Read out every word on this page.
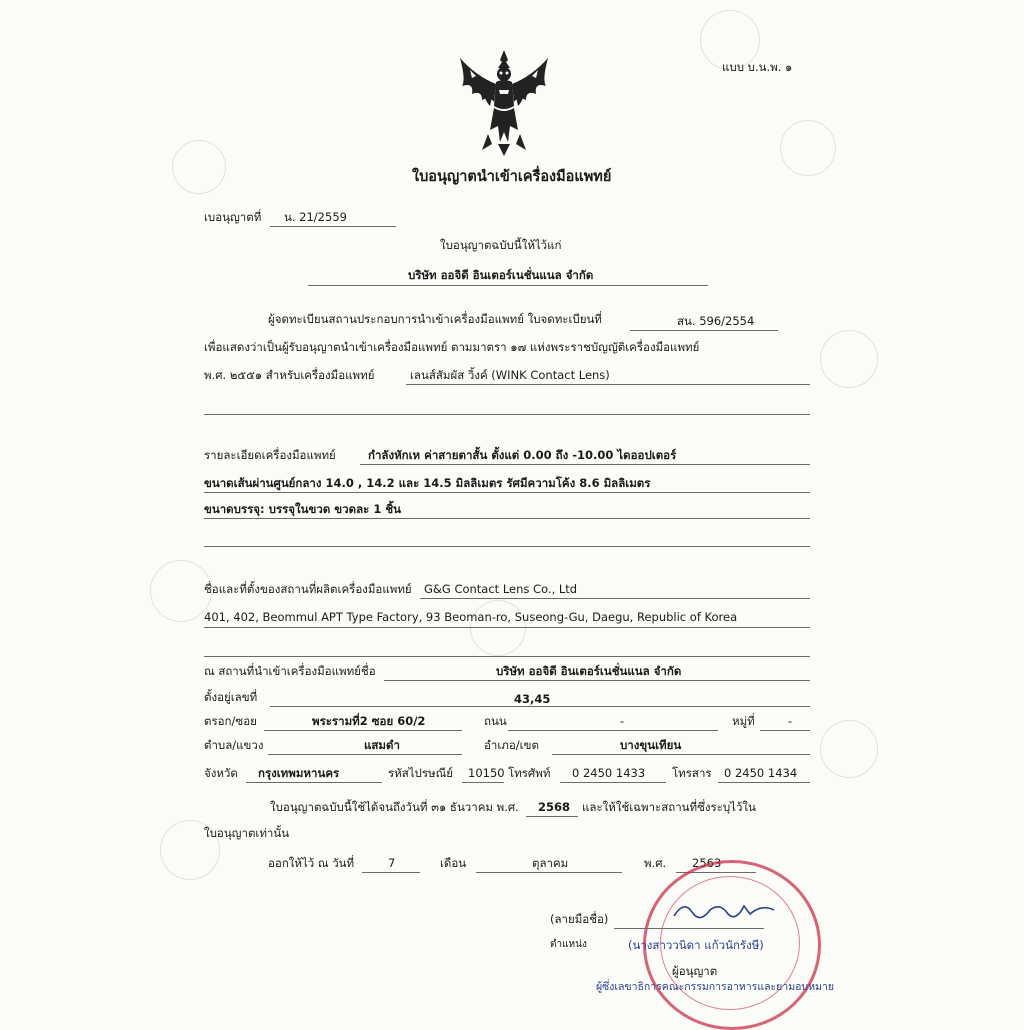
แบบ บ.น.พ. ๑
ใบอนุญาตนำเข้าเครื่องมือแพทย์
เบอนุญาตที่ น. 21/2559
ใบอนุญาตฉบับนี้ให้ไว้แก่
บริษัท ออจิดี อินเตอร์เนชั่นแนล จำกัด
ผู้จดทะเบียนสถานประกอบการนำเข้าเครื่องมือแพทย์ ใบจดทะเบียนที่	สน. 596/2554
เพื่อแสดงว่าเป็นผู้รับอนุญาตนำเข้าเครื่องมือแพทย์ ตามมาตรา ๑๗ แห่งพระราชบัญญัติเครื่องมือแพทย์
พ.ศ. ๒๕๕๑ สำหรับเครื่องมือแพทย์	เลนส์สัมผัส วิ้งค์ (WINK Contact Lens)
รายละเอียดเครื่องมือแพทย์	กำลังหักเห ค่าสายตาสั้น ตั้งแต่ 0.00 ถึง -10.00 ไดออปเตอร์
ขนาดเส้นผ่านศูนย์กลาง 14.0 , 14.2 และ 14.5 มิลลิเมตร รัศมีความโค้ง 8.6 มิลลิเมตร
ขนาดบรรจุ: บรรจุในขวด ขวดละ 1 ชิ้น
ชื่อและที่ตั้งของสถานที่ผลิตเครื่องมือแพทย์ G&G Contact Lens Co., Ltd
401, 402, Beommul APT Type Factory, 93 Beoman-ro, Suseong-Gu, Daegu, Republic of Korea
ณ สถานที่นำเข้าเครื่องมือแพทย์ชื่อ	บริษัท ออจิดี อินเตอร์เนชั่นแนล จำกัด
ตั้งอยู่เลขที่	43,45
ตรอก/ซอย	พระรามที่2 ซอย 60/2	ถนน	-	หมู่ที่	-
ตำบล/แขวง	แสมดำ	อำเภอ/เขต	บางขุนเทียน
จังหวัด กรุงเทพมหานคร	รหัสไปรษณีย์ 10150 โทรศัพท์ 0 2450 1433 โทรสาร 0 2450 1434
ใบอนุญาตฉบับนี้ใช้ได้จนถึงวันที่ ๓๑ ธันวาคม พ.ศ. 2568 และให้ใช้เฉพาะสถานที่ซึ่งระบุไว้ใน
ใบอนุญาตเท่านั้น
ออกให้ไว้ ณ วันที่	7	เดือน	ตุลาคม	พ.ศ. 2563
(ลายมือชื่อ)
ตำแหน่ง	(นางสาววนิดา แก้วนักรังษี)
ผู้อนุญาต
ผู้ซึ่งเลขาธิการคณะกรรมการอาหารและยามอบหมาย
